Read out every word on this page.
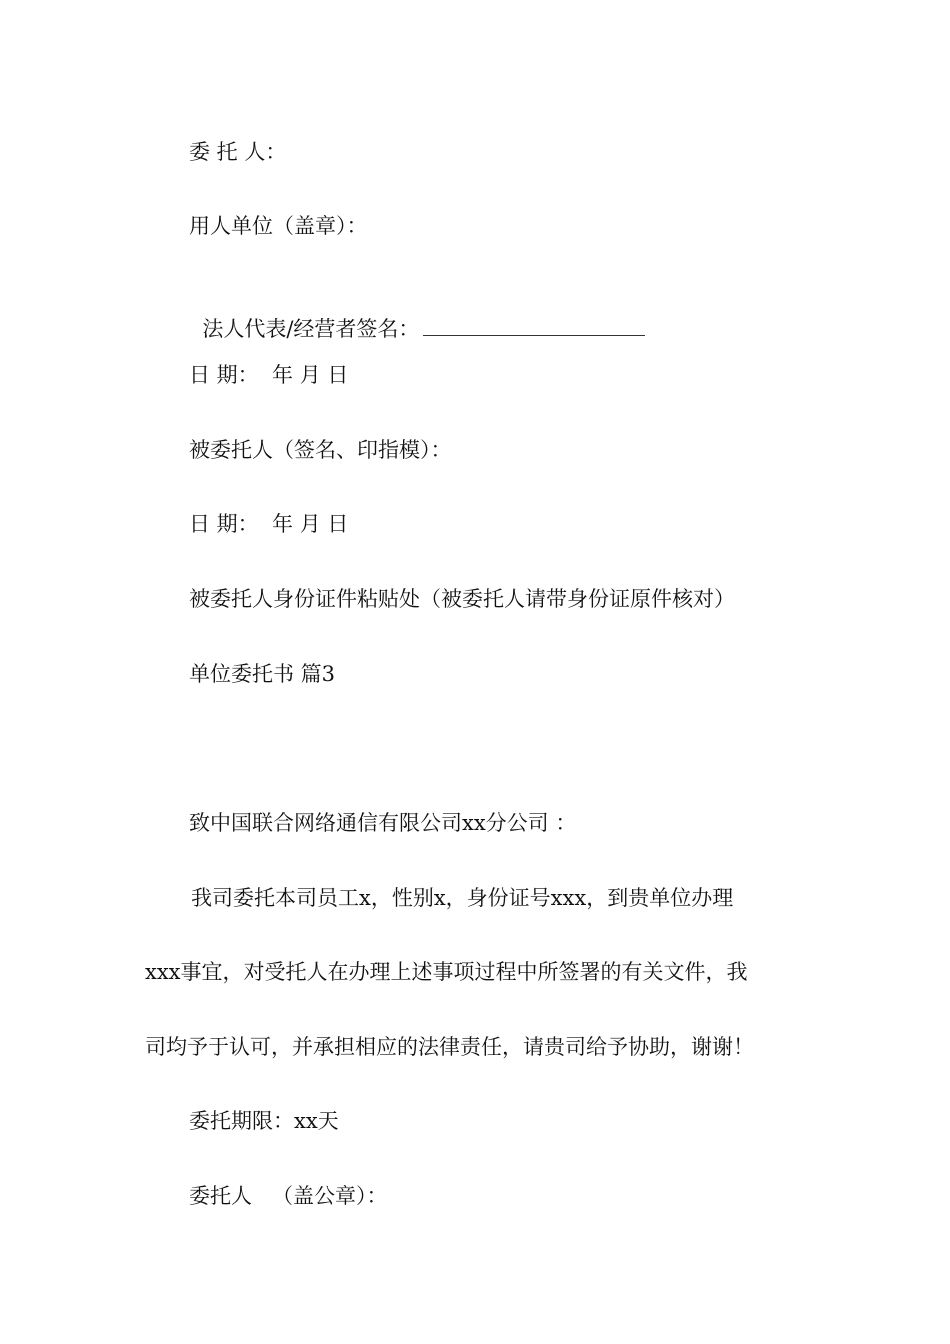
委 托 人：
用人单位（盖章）：

法人代表/经营者签名：

日 期：  年 月 日
被委托人（签名、印指模）：
日 期：  年 月 日
被委托人身份证件粘贴处（被委托人请带身份证原件核对）
单位委托书 篇3
致中国联合网络通信有限公司xx分公司 ：
我司委托本司员工x，性别x，身份证号xxx，到贵单位办理
xxx事宜，对受托人在办理上述事项过程中所签署的有关文件，我
司均予于认可，并承担相应的法律责任，请贵司给予协助，谢谢！
委托期限：xx天
委托人   （盖公章）：
